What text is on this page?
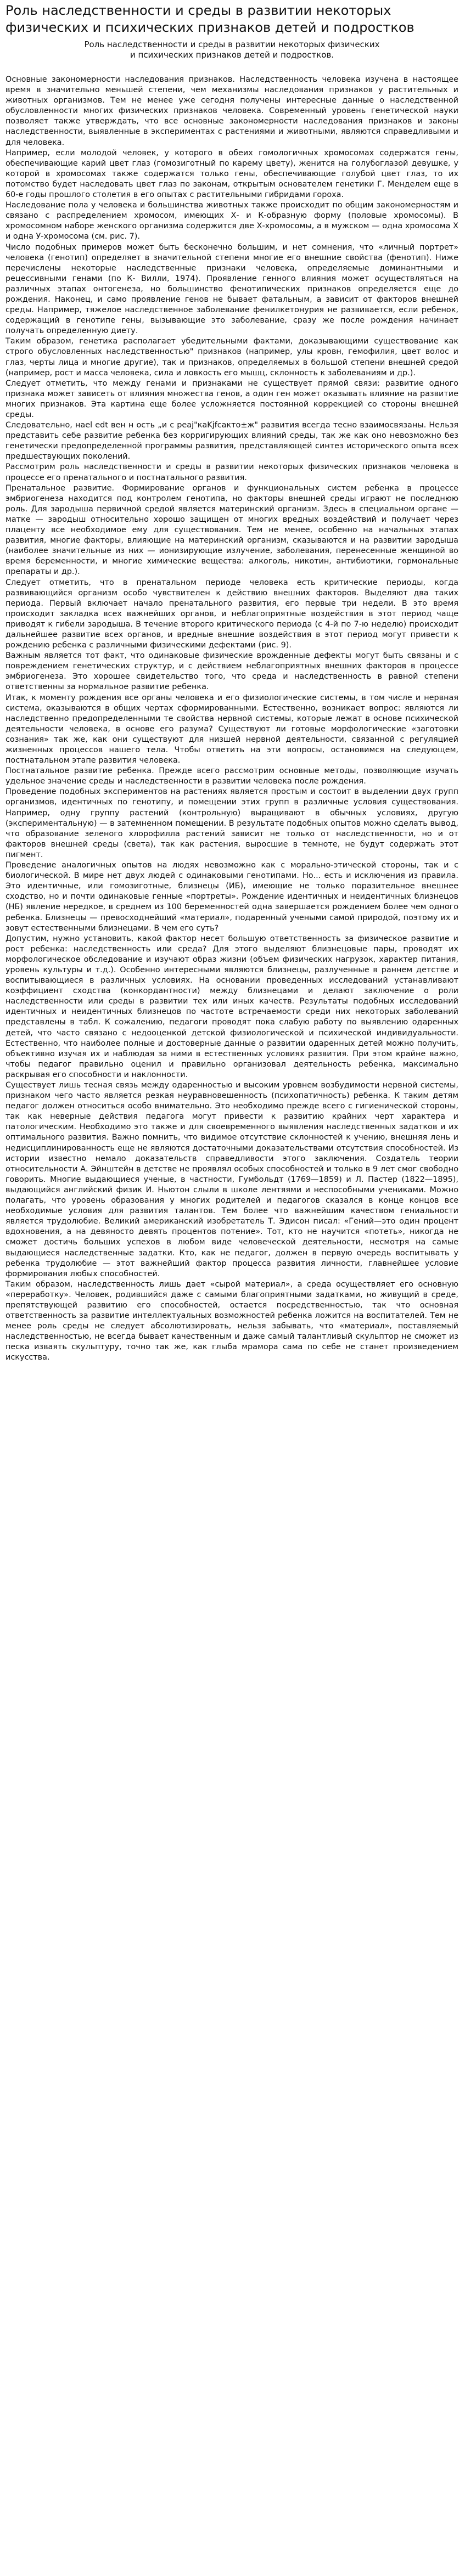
Роль наследственности и среды в развитии некоторых физических и психических признаков детей и подростков
Роль наследственности и среды в развитии некоторых физических
и психических признаков детей и подростков.

Основные закономерности наследования признаков. Наследственность человека изучена в настоящее время в значительно меньшей степени, чем механизмы наследования признаков у растительных и животных организмов. Тем не менее уже сегодня получены интересные данные о наследственной обусловленности многих физических признаков человека. Современный уровень генетической науки позволяет также утверждать, что все основные закономерности наследования признаков и законы наследственности, выявленные в экспериментах с растениями и животными, являются справедливыми и для человека.

Например, если молодой человек, у которого в обеих гомологичных хромосомах содержатся гены, обеспечивающие карий цвет глаз (гомозиготный по карему цвету), женится на голубоглазой девушке, у которой в хромосомах также содержатся только гены, обеспечивающие голубой цвет глаз, то их потомство будет наследовать цвет глаз по законам, открытым основателем генетики Г. Менделем еще в 60-е годы прошлого столетия в его опытах с растительными гибридами гороха.

Наследование пола у человека и большинства животных также происходит по общим закономерностям и связано с распределением хромосом, имеющих Х- и К-образную форму (половые хромосомы). В хромосомном наборе женского организма содержится две Х-хромосомы, а в мужском — одна хромосома X и одна У-хромосома (см. рис. 7).

Число подобных примеров может быть бесконечно большим, и нет сомнения, что «личный портрет» человека (генотип) определяет в значительной степени многие его внешние свойства (фенотип). Ниже перечислены некоторые наследственные признаки человека, определяемые доминантными и рецессивными генами (по К- Вилли, 1974). Проявление генного влияния может осуществляться на различных этапах онтогенеза, но большинство фенотипических признаков определяется еще до рождения. Наконец, и само проявление генов не бывает фатальным, а зависит от факторов внешней среды. Например, тяжелое наследственное заболевание фенилкетонурия не развивается, если ребенок, содержащий в генотипе гены, вызывающие это заболевание, сразу же после рождения начинает получать определенную диету.

Таким образом, генетика располагает убедительными фактами, доказывающими существование как строго обусловленных наследственностью" признаков (например, улы кровн, гемофилия, цвет волос и глаз, черты лица и многие другие), так и признаков, определяемых в большой степени внешней средой (например, рост и масса человека, сила и ловкость его мышц, склонность к заболеваниям и др.).

Следует отметить, что между генами и признаками не существует прямой связи: развитие одного признака может зависеть от влияния множества генов, а один ген может оказывать влияние на развитие многих признаков. Эта картина еще более усложняется постоянной коррекцией со стороны внешней среды.

Следовательно, нael еdt вен н ость „и с реaj"кaKjfcaкто±ж" развития всегда тесно взаимосвязаны. Нельзя представить себе развитие ребенка без корригирующих влияний среды, так же как оно невозможно без генетически предопределенной программы развития, представляющей синтез исторического опыта всех предшествующих поколений.

Рассмотрим роль наследственности и среды в развитии некоторых физических признаков человека в процессе его пренатального и постнатального развития.

Пренатальное развитие. Формирование органов и функциональных систем ребенка в процессе эмбриогенеза находится под контролем генотипа, но факторы внешней среды играют не последнюю роль. Для зародыша первичной средой является материнский организм. Здесь в специальном органе — матке — зародыш относительно хорошо защищен от многих вредных воздействий и получает через плаценту все необходимое ему для существования. Тем не менее, особенно на начальных этапах развития, многие факторы, влияющие на материнский организм, сказываются и на развитии зародыша (наиболее значительные из них — ионизирующие излучение, заболевания, перенесенные женщиной во время беременности, и многие химические вещества: алкоголь, никотин, антибиотики, гормональные препараты и др.).

Следует отметить, что в пренатальном периоде человека есть критические периоды, когда развивающийся организм особо чувствителен к действию внешних факторов. Выделяют два таких периода. Первый включает начало пренатального развития, его первые три недели. В это время происходит закладка всех важнейших органов, и неблагоприятные воздействия в этот период чаще приводят к гибели зародыша. В течение второго критического периода (с 4-й по 7-ю неделю) происходит дальнейшее развитие всех органов, и вредные внешние воздействия в этот период могут привести к рождению ребенка с различными физическими дефектами (рис. 9).

Важным является тот факт, что одинаковые физические врожденные дефекты могут быть связаны и с повреждением генетических структур, и с действием неблагоприятных внешних факторов в процессе эмбриогенеза. Это хорошее свидетельство того, что среда и наследственность в равной степени ответственны за нормальное развитие ребенка.

Итак, к моменту рождения все органы человека и его физиологические системы, в том числе и нервная система, оказываются в общих чертах сформированными. Естественно, возникает вопрос: являются ли наследственно предопределенными те свойства нервной системы, которые лежат в основе психической деятельности человека, в основе его разума? Существуют ли готовые морфологические «заготовки сознания» так же, как они существуют для низшей нервной деятельности, связанной с регуляцией жизненных процессов нашего тела. Чтобы ответить на эти вопросы, остановимся на следующем, постнатальном этапе развития человека.

Постнатальное развитие ребенка. Прежде всего рассмотрим основные методы, позволяющие изучать удельное значение среды и наследственности в развитии человека после рождения.

Проведение подобных экспериментов на растениях является простым и состоит в выделении двух групп организмов, идентичных по генотипу, и помещении этих групп в различные условия существования. Например, одну группу растений (контрольную) выращивают в обычных условиях, другую (экспериментальную) — в затемненном помещении. В результате подобных опытов можно сделать вывод, что образование зеленого хлорофилла растений зависит не только от наследственности, но и от факторов внешней среды (света), так как растения, выросшие в темноте, не будут содержать этот пигмент.

Проведение аналогичных опытов на людях невозможно как с морально-этической стороны, так и с биологической. В мире нет двух людей с одинаковыми генотипами. Но... есть и исключения из правила. Это идентичные, или гомозиготные, близнецы (ИБ), имеющие не только поразительное внешнее сходство, но и почти одинаковые генные «портреты». Рождение идентичных и неидентичных близнецов (НБ) явление нередкое, в среднем из 100 беременностей одна завершается рождением более чем одного ребенка. Близнецы — превосходнейший «материал», подаренный учеными самой природой, поэтому их и зовут естественными близнецами. В чем его суть?

Допустим, нужно установить, какой фактор несет большую ответственность за физическое развитие и рост ребенка: наследственность или среда? Для этого выделяют близнецовые пары, проводят их морфологическое обследование и изучают образ жизни (объем физических нагрузок, характер питания, уровень культуры и т.д.). Особенно интересными являются близнецы, разлученные в раннем детстве и воспитывающиеся в различных условиях. На основании проведенных исследований устанавливают коэффициент сходства (конкордантности) между близнецами и делают заключение о роли наследственности или среды в развитии тех или иных качеств. Результаты подобных исследований идентичных и неидентичных близнецов по частоте встречаемости среди них некоторых заболеваний представлены в табл. К сожалению, педагоги проводят пока слабую работу по выявлению одаренных детей, что часто связано с недооценкой детской физиологической и психической индивидуальности. Естественно, что наиболее полные и достоверные данные о развитии одаренных детей можно получить, объективно изучая их и наблюдая за ними в естественных условиях развития. При этом крайне важно, чтобы педагог правильно оценил и правильно организовал деятельность ребенка, максимально раскрывая его способности и наклонности.

Существует лишь тесная связь между одаренностью и высоким уровнем возбудимости нервной системы, признаком чего часто является резкая неуравновешенность (психопатичность) ребенка. К таким детям педагог должен относиться особо внимательно. Это необходимо прежде всего с гигиенической стороны, так как неверные действия педагога могут привести к развитию крайних черт характера и патологическим. Необходимо это также и для своевременного выявления наследственных задатков и их оптимального развития. Важно помнить, что видимое отсутствие склонностей к учению, внешняя лень и недисциплинированность еще не являются достаточными доказательствами отсутствия способностей. Из истории известно немало доказательств справедливости этого заключения. Создатель теории относительности А. Эйнштейн в детстве не проявлял особых способностей и только в 9 лет смог свободно говорить. Многие выдающиеся ученые, в частности, Гумбольдт (1769—1859) и Л. Пастер (1822—1895), выдающийся английский физик И. Ньютон слыли в школе лентяями и неспособными учениками. Можно полагать, что уровень образования у многих родителей и педагогов сказался в конце концов все необходимые условия для развития талантов. Тем более что важнейшим качеством гениальности является трудолюбие. Великий американский изобретатель Т. Эдисон писал: «Гений—это один процент вдохновения, а на девяносто девять процентов потение». Тот, кто не научится «потеть», никогда не сможет достичь больших успехов в любом виде человеческой деятельности, несмотря на самые выдающиеся наследственные задатки. Кто, как не педагог, должен в первую очередь воспитывать у ребенка трудолюбие — этот важнейший фактор процесса развития личности, главнейшее условие формирования любых способностей.

Таким образом, наследственность лишь дает «сырой материал», а среда осуществляет его основную «переработку». Человек, родившийся даже с самыми благоприятными задатками, но живущий в среде, препятствующей развитию его способностей, остается посредственностью, так что основная ответственность за развитие интеллектуальных возможностей ребенка ложится на воспитателей. Тем не менее роль среды не следует абсолютизировать, нельзя забывать, что «материал», поставляемый наследственностью, не всегда бывает качественным и даже самый талантливый скульптор не сможет из песка изваять скульптуру, точно так же, как глыба мрамора сама по себе не станет произведением искусства.
